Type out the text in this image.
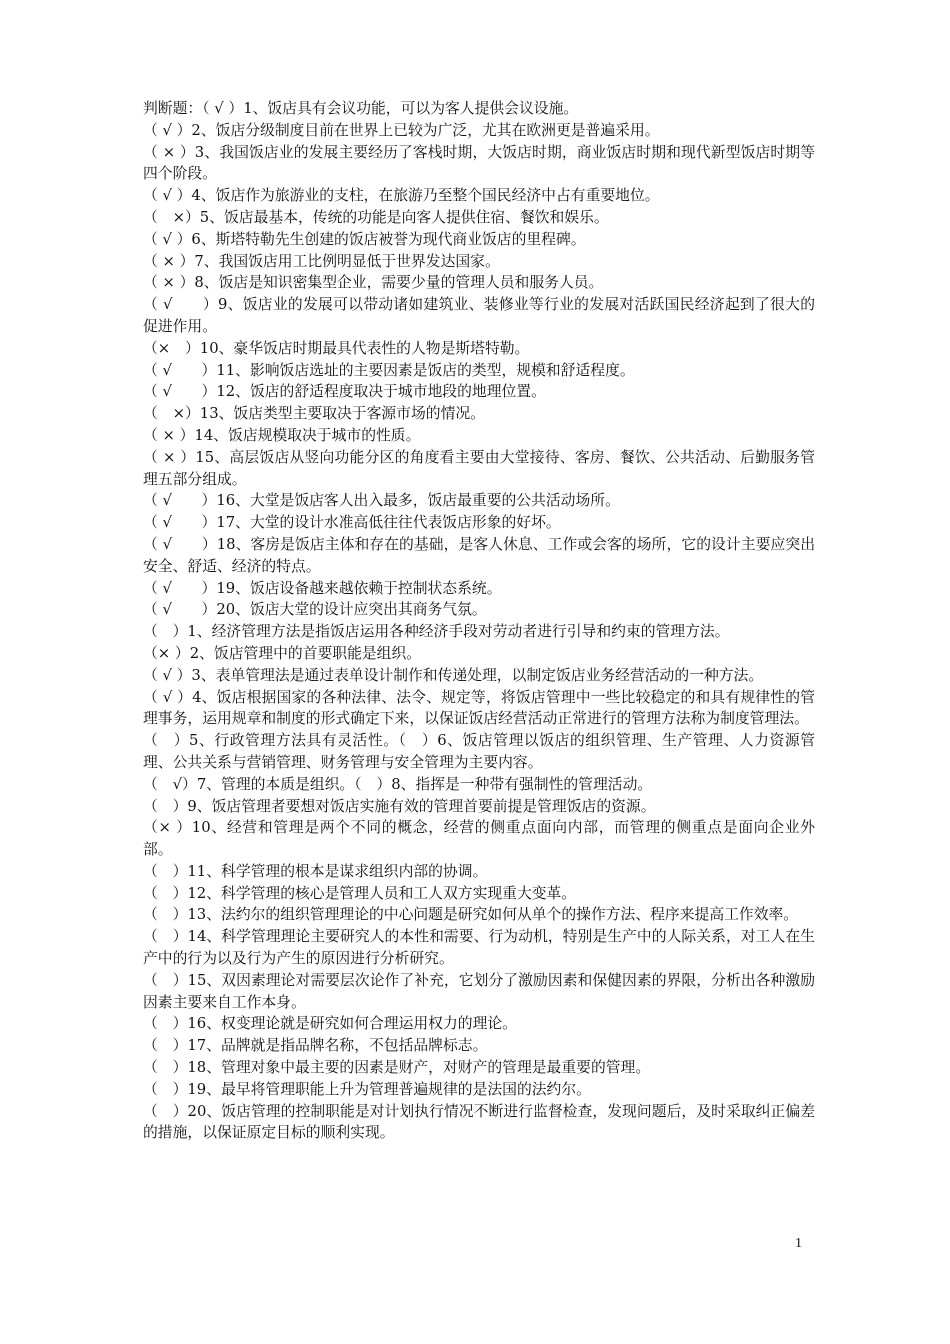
判断题：（ √ ）1、饭店具有会议功能，可以为客人提供会议设施。

（ √ ）2、饭店分级制度目前在世界上已较为广泛，尤其在欧洲更是普遍采用。

（ × ）3、我国饭店业的发展主要经历了客栈时期，大饭店时期，商业饭店时期和现代新型饭店时期等四个阶段。

（ √ ）4、饭店作为旅游业的支柱，在旅游乃至整个国民经济中占有重要地位。

（　×）5、饭店最基本，传统的功能是向客人提供住宿、餐饮和娱乐。

（ √ ）6、斯塔特勒先生创建的饭店被誉为现代商业饭店的里程碑。

（ × ）7、我国饭店用工比例明显低于世界发达国家。

（ × ）8、饭店是知识密集型企业，需要少量的管理人员和服务人员。

（ √　　）9、饭店业的发展可以带动诸如建筑业、装修业等行业的发展对活跃国民经济起到了很大的促进作用。

（×　）10、豪华饭店时期最具代表性的人物是斯塔特勒。

（ √　　）11、影响饭店选址的主要因素是饭店的类型，规模和舒适程度。

（ √　　）12、饭店的舒适程度取决于城市地段的地理位置。

（　×）13、饭店类型主要取决于客源市场的情况。

（ × ）14、饭店规模取决于城市的性质。

（ × ）15、高层饭店从竖向功能分区的角度看主要由大堂接待、客房、餐饮、公共活动、后勤服务管理五部分组成。

（ √　　）16、大堂是饭店客人出入最多，饭店最重要的公共活动场所。

（ √　　）17、大堂的设计水准高低往往代表饭店形象的好坏。

（ √　　）18、客房是饭店主体和存在的基础，是客人休息、工作或会客的场所，它的设计主要应突出安全、舒适、经济的特点。

（ √　　）19、饭店设备越来越依赖于控制状态系统。

（ √　　）20、饭店大堂的设计应突出其商务气氛。

（　）1、经济管理方法是指饭店运用各种经济手段对劳动者进行引导和约束的管理方法。

（× ）2、饭店管理中的首要职能是组织。

（ √ ）3、表单管理法是通过表单设计制作和传递处理，以制定饭店业务经营活动的一种方法。

（ √ ）4、饭店根据国家的各种法律、法令、规定等，将饭店管理中一些比较稳定的和具有规律性的管理事务，运用规章和制度的形式确定下来，以保证饭店经营活动正常进行的管理方法称为制度管理法。

（　）5、行政管理方法具有灵活性。（　）6、饭店管理以饭店的组织管理、生产管理、人力资源管理、公共关系与营销管理、财务管理与安全管理为主要内容。

（　√）7、管理的本质是组织。（　）8、指挥是一种带有强制性的管理活动。

（　）9、饭店管理者要想对饭店实施有效的管理首要前提是管理饭店的资源。

（× ）10、经营和管理是两个不同的概念，经营的侧重点面向内部，而管理的侧重点是面向企业外部。

（　）11、科学管理的根本是谋求组织内部的协调。

（　）12、科学管理的核心是管理人员和工人双方实现重大变革。

（　）13、法约尔的组织管理理论的中心问题是研究如何从单个的操作方法、程序来提高工作效率。

（　）14、科学管理理论主要研究人的本性和需要、行为动机，特别是生产中的人际关系，对工人在生产中的行为以及行为产生的原因进行分析研究。

（　）15、双因素理论对需要层次论作了补充，它划分了激励因素和保健因素的界限，分析出各种激励因素主要来自工作本身。

（　）16、权变理论就是研究如何合理运用权力的理论。

（　）17、品牌就是指品牌名称，不包括品牌标志。

（　）18、管理对象中最主要的因素是财产，对财产的管理是最重要的管理。

（　）19、最早将管理职能上升为管理普遍规律的是法国的法约尔。

（　）20、饭店管理的控制职能是对计划执行情况不断进行监督检查，发现问题后，及时采取纠正偏差的措施，以保证原定目标的顺利实现。

1
